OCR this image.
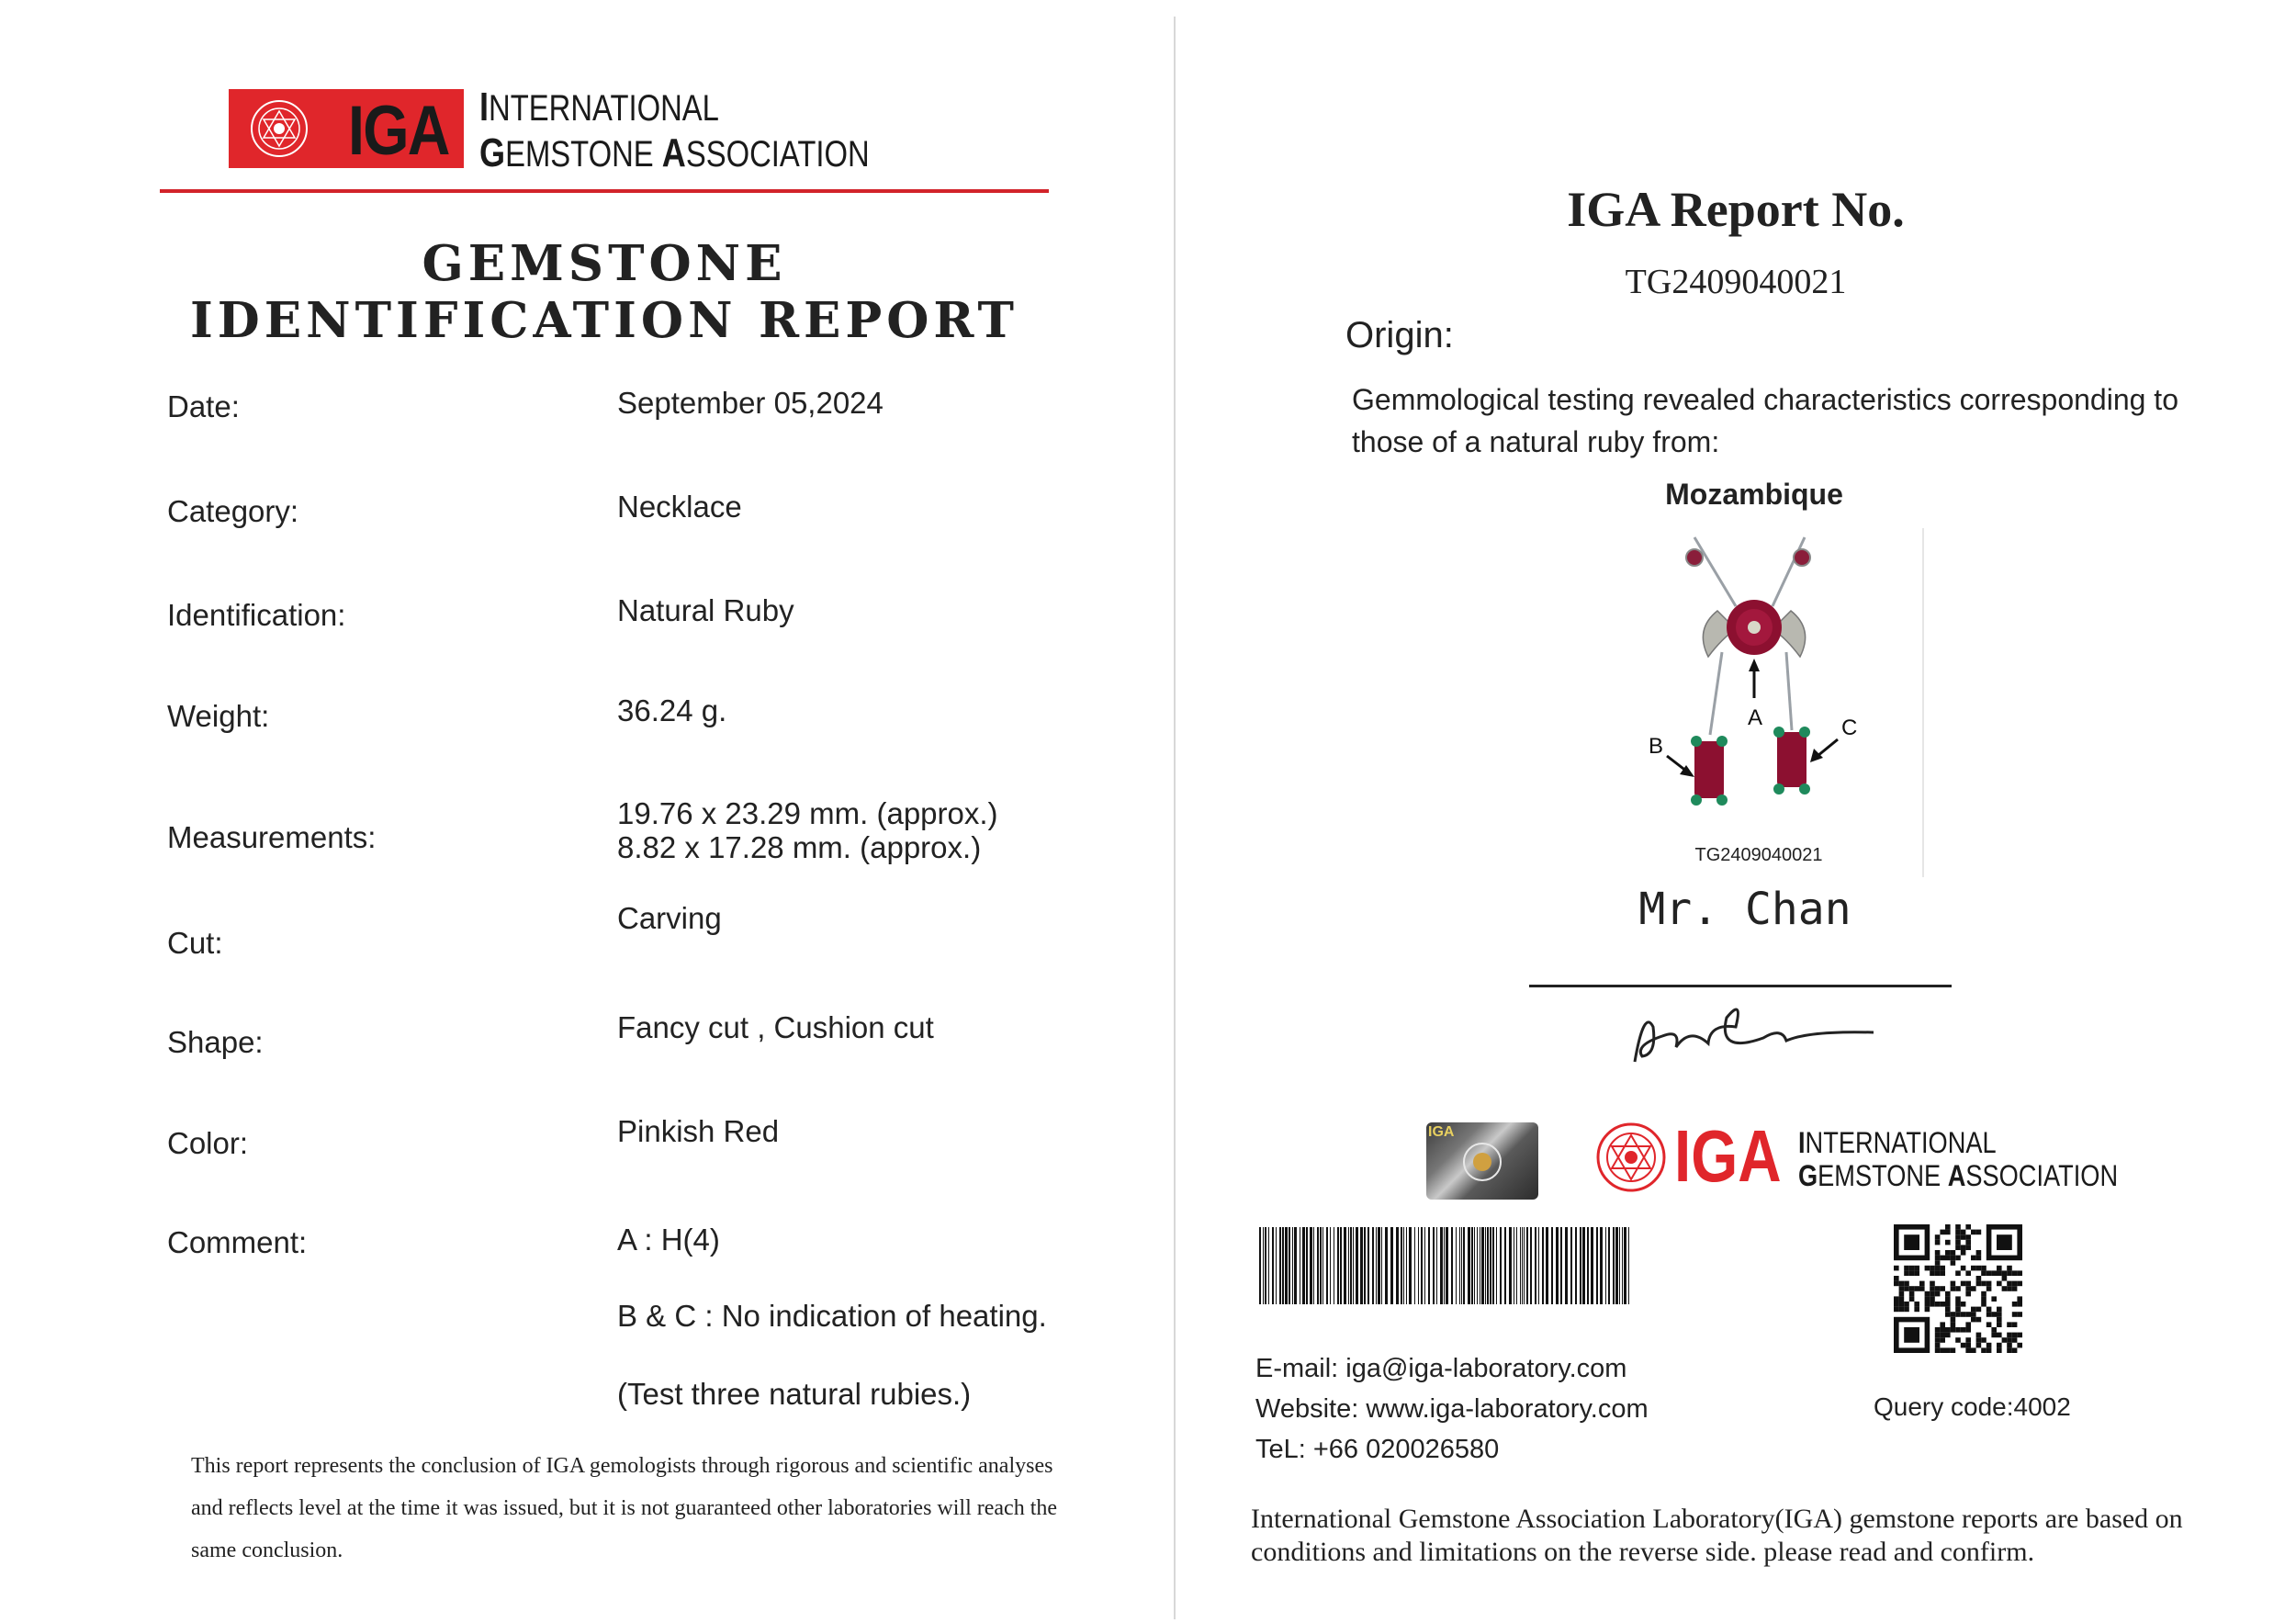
IGA INTERNATIONAL
GEMSTONE ASSOCIATION
GEMSTONE IDENTIFICATION REPORT
Date:	September 05,2024
Category:	Necklace
Identification:	Natural Ruby
Weight:	36.24 g.
Measurements:
19.76 x 23.29 mm. (approx.)
8.82 x 17.28 mm. (approx.)
Cut:
Carving
Shape:	Fancy cut , Cushion cut
Color:	Pinkish Red
Comment:	A : H(4)
B & C : No indication of heating.
(Test three natural rubies.)
This report represents the conclusion of IGA gemologists through rigorous and scientific analyses and reflects level at the time it was issued, but it is not guaranteed other laboratories will reach the same conclusion.
IGA Report No.
TG2409040021
Origin:
Gemmological testing revealed characteristics corresponding to those of a natural ruby from:
Mozambique
A
B
C
TG2409040021
Mr. Chan
IGA	IGA INTERNATIONAL
GEMSTONE ASSOCIATION
E-mail: iga@iga-laboratory.com
Website: www.iga-laboratory.com
TeL: +66 020026580
Query code:4002
International Gemstone Association Laboratory(IGA) gemstone reports are based on conditions and limitations on the reverse side. please read and confirm.
